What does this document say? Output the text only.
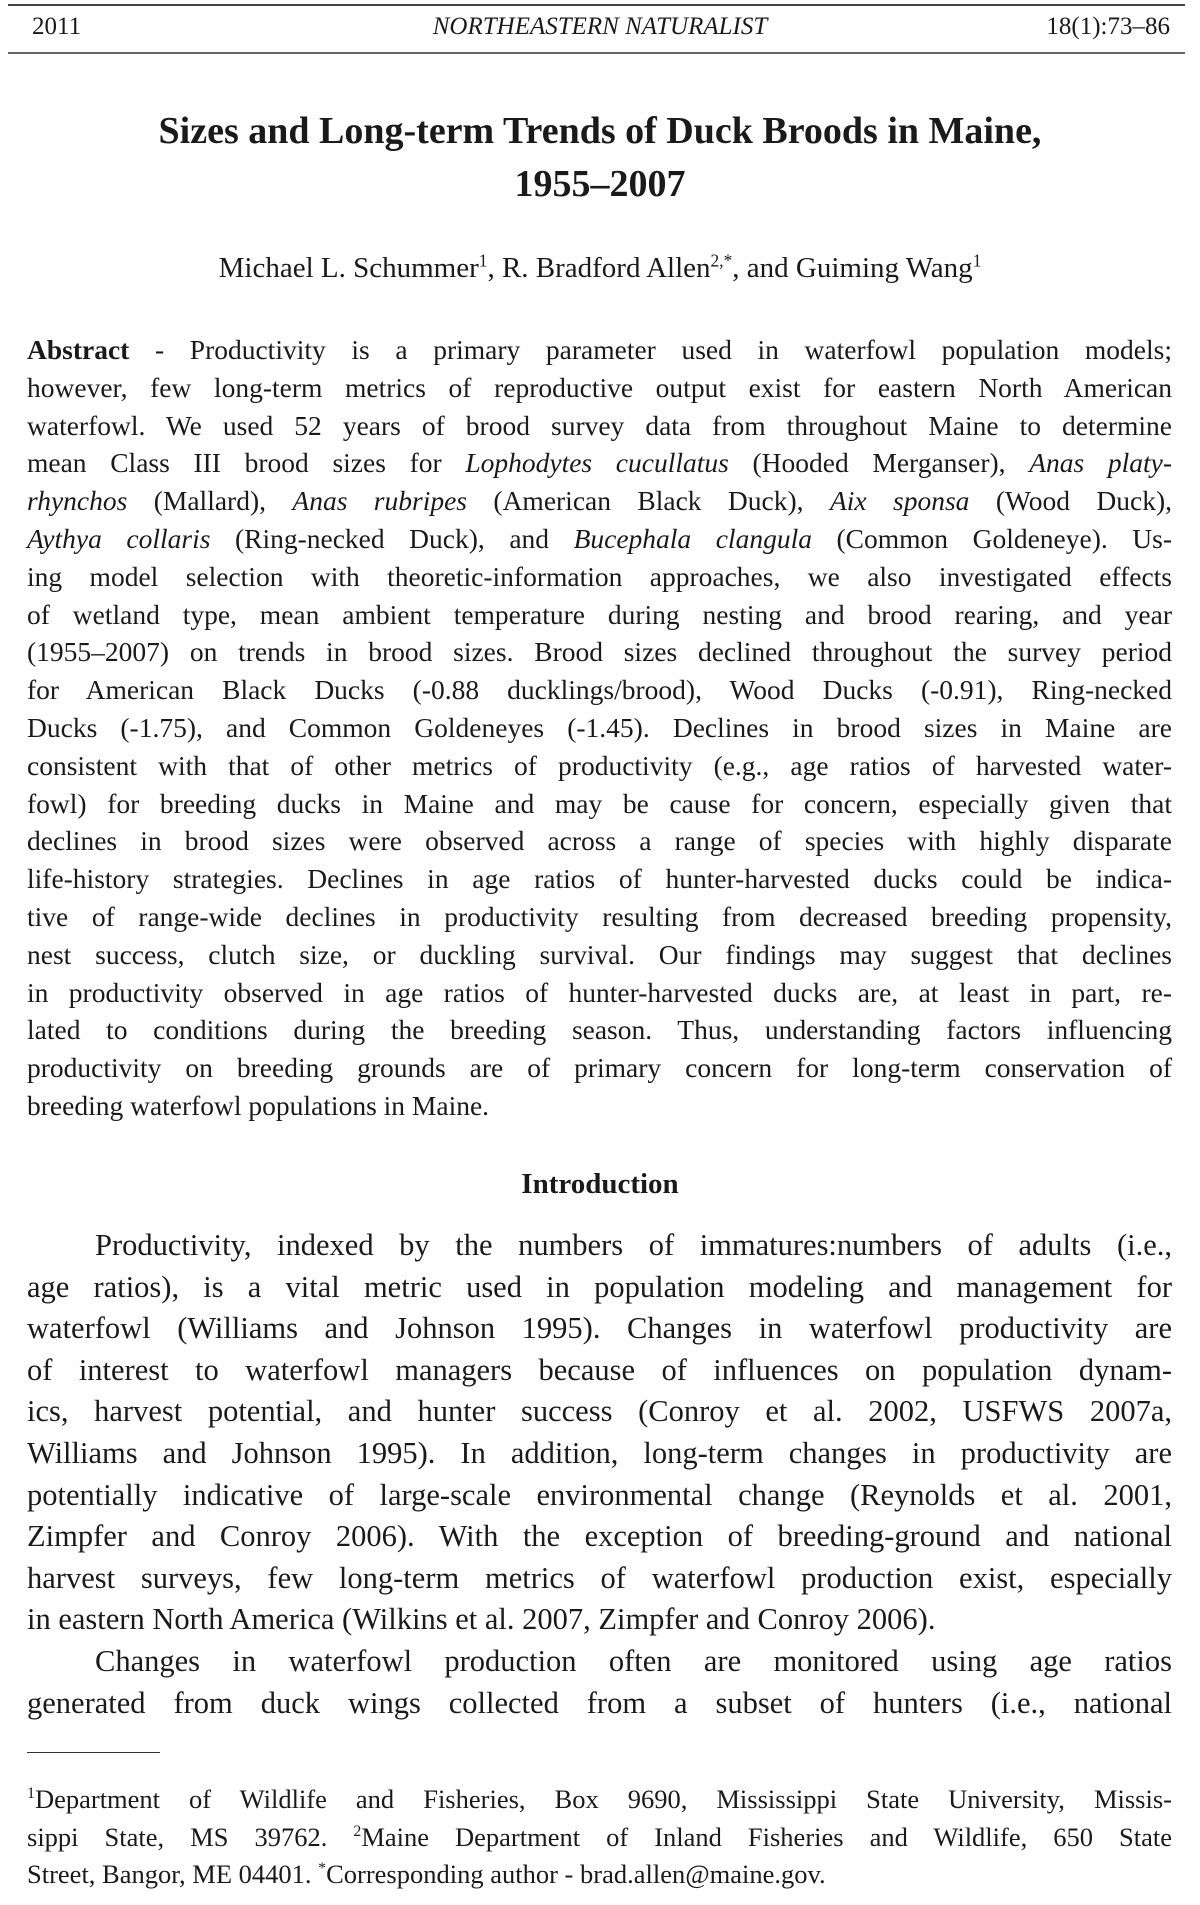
2011	NORTHEASTERN NATURALIST	18(1):73–86
Sizes and Long-term Trends of Duck Broods in Maine,
1955–2007
Michael L. Schummer$^1$, R. Bradford Allen$^{2,*}$, and Guiming Wang$^1$
Abstract - Productivity is a primary parameter used in waterfowl population models;
however, few long-term metrics of reproductive output exist for eastern North American
waterfowl. We used 52 years of brood survey data from throughout Maine to determine
mean Class III brood sizes for Lophodytes cucullatus (Hooded Merganser), Anas platy-
rhynchos (Mallard), Anas rubripes (American Black Duck), Aix sponsa (Wood Duck),
Aythya collaris (Ring-necked Duck), and Bucephala clangula (Common Goldeneye). Us-
ing model selection with theoretic-information approaches, we also investigated effects
of wetland type, mean ambient temperature during nesting and brood rearing, and year
(1955–2007) on trends in brood sizes. Brood sizes declined throughout the survey period
for American Black Ducks (-0.88 ducklings/brood), Wood Ducks (-0.91), Ring-necked
Ducks (-1.75), and Common Goldeneyes (-1.45). Declines in brood sizes in Maine are
consistent with that of other metrics of productivity (e.g., age ratios of harvested water-
fowl) for breeding ducks in Maine and may be cause for concern, especially given that
declines in brood sizes were observed across a range of species with highly disparate
life-history strategies. Declines in age ratios of hunter-harvested ducks could be indica-
tive of range-wide declines in productivity resulting from decreased breeding propensity,
nest success, clutch size, or duckling survival. Our findings may suggest that declines
in productivity observed in age ratios of hunter-harvested ducks are, at least in part, re-
lated to conditions during the breeding season. Thus, understanding factors influencing
productivity on breeding grounds are of primary concern for long-term conservation of
breeding waterfowl populations in Maine.
Introduction
Productivity, indexed by the numbers of immatures:numbers of adults (i.e.,
age ratios), is a vital metric used in population modeling and management for
waterfowl (Williams and Johnson 1995). Changes in waterfowl productivity are
of interest to waterfowl managers because of influences on population dynam-
ics, harvest potential, and hunter success (Conroy et al. 2002, USFWS 2007a,
Williams and Johnson 1995). In addition, long-term changes in productivity are
potentially indicative of large-scale environmental change (Reynolds et al. 2001,
Zimpfer and Conroy 2006). With the exception of breeding-ground and national
harvest surveys, few long-term metrics of waterfowl production exist, especially
in eastern North America (Wilkins et al. 2007, Zimpfer and Conroy 2006).
Changes in waterfowl production often are monitored using age ratios
generated from duck wings collected from a subset of hunters (i.e., national
$^1$Department of Wildlife and Fisheries, Box 9690, Mississippi State University, Missis-
sippi State, MS 39762. $^2$Maine Department of Inland Fisheries and Wildlife, 650 State
Street, Bangor, ME 04401. *Corresponding author - brad.allen@maine.gov.
